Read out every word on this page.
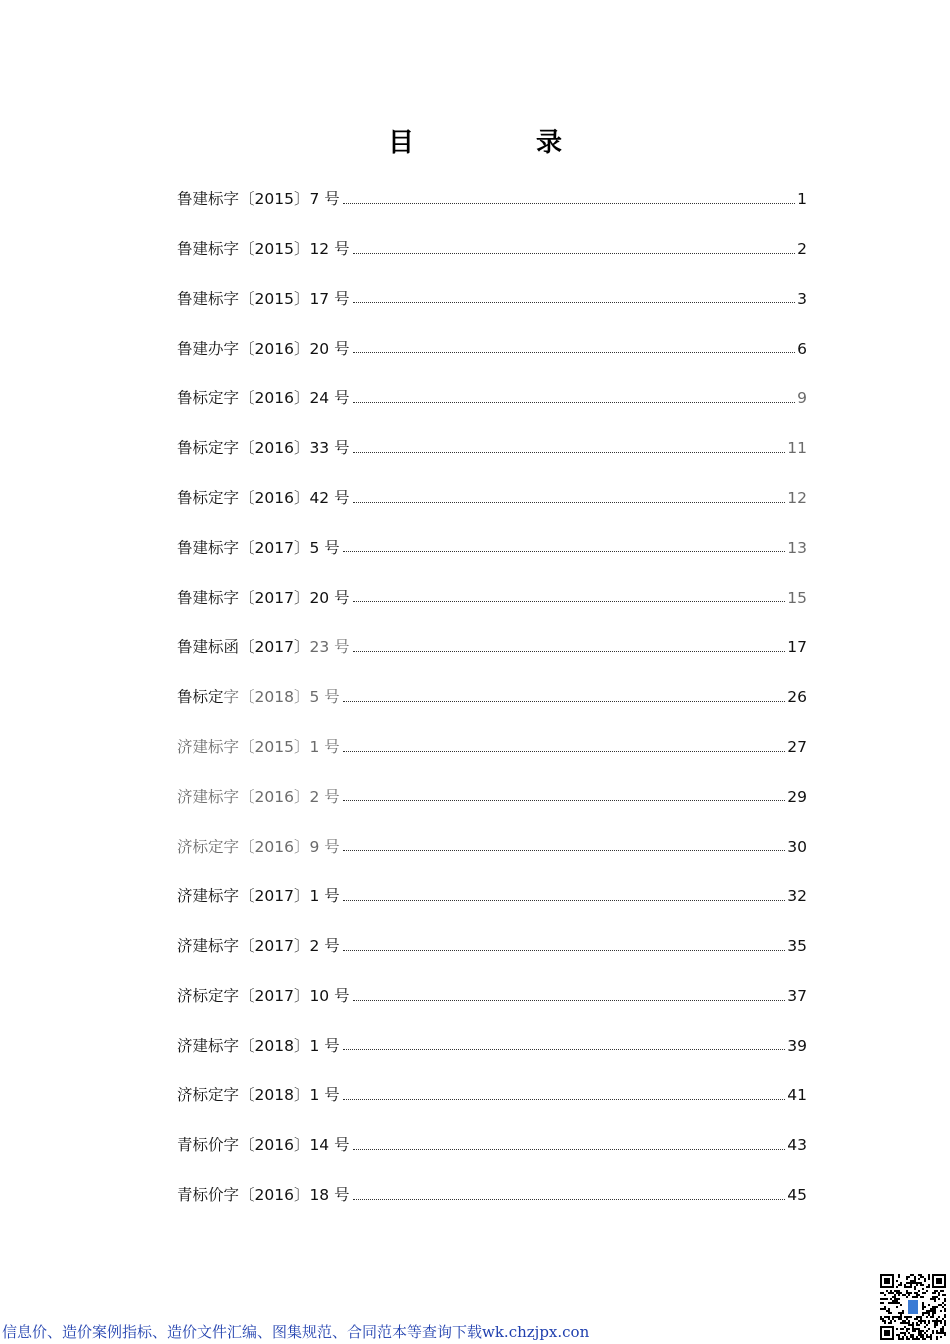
目　录
鲁建标字〔2015〕7 号	1
鲁建标字〔2015〕12 号	2
鲁建标字〔2015〕17 号	3
鲁建办字〔2016〕20 号	6
鲁标定字〔2016〕24 号	9
鲁标定字〔2016〕33 号	11
鲁标定字〔2016〕42 号	12
鲁建标字〔2017〕5 号	13
鲁建标字〔2017〕20 号	15
鲁建标函〔2017〕23 号	17
鲁标定字〔2018〕5 号	26
济建标字〔2015〕1 号	27
济建标字〔2016〕2 号	29
济标定字〔2016〕9 号	30
济建标字〔2017〕1 号	32
济建标字〔2017〕2 号	35
济标定字〔2017〕10 号	37
济建标字〔2018〕1 号	39
济标定字〔2018〕1 号	41
青标价字〔2016〕14 号	43
青标价字〔2016〕18 号	45
信息价、造价案例指标、造价文件汇编、图集规范、合同范本等查询下载wk.chzjpx.con
